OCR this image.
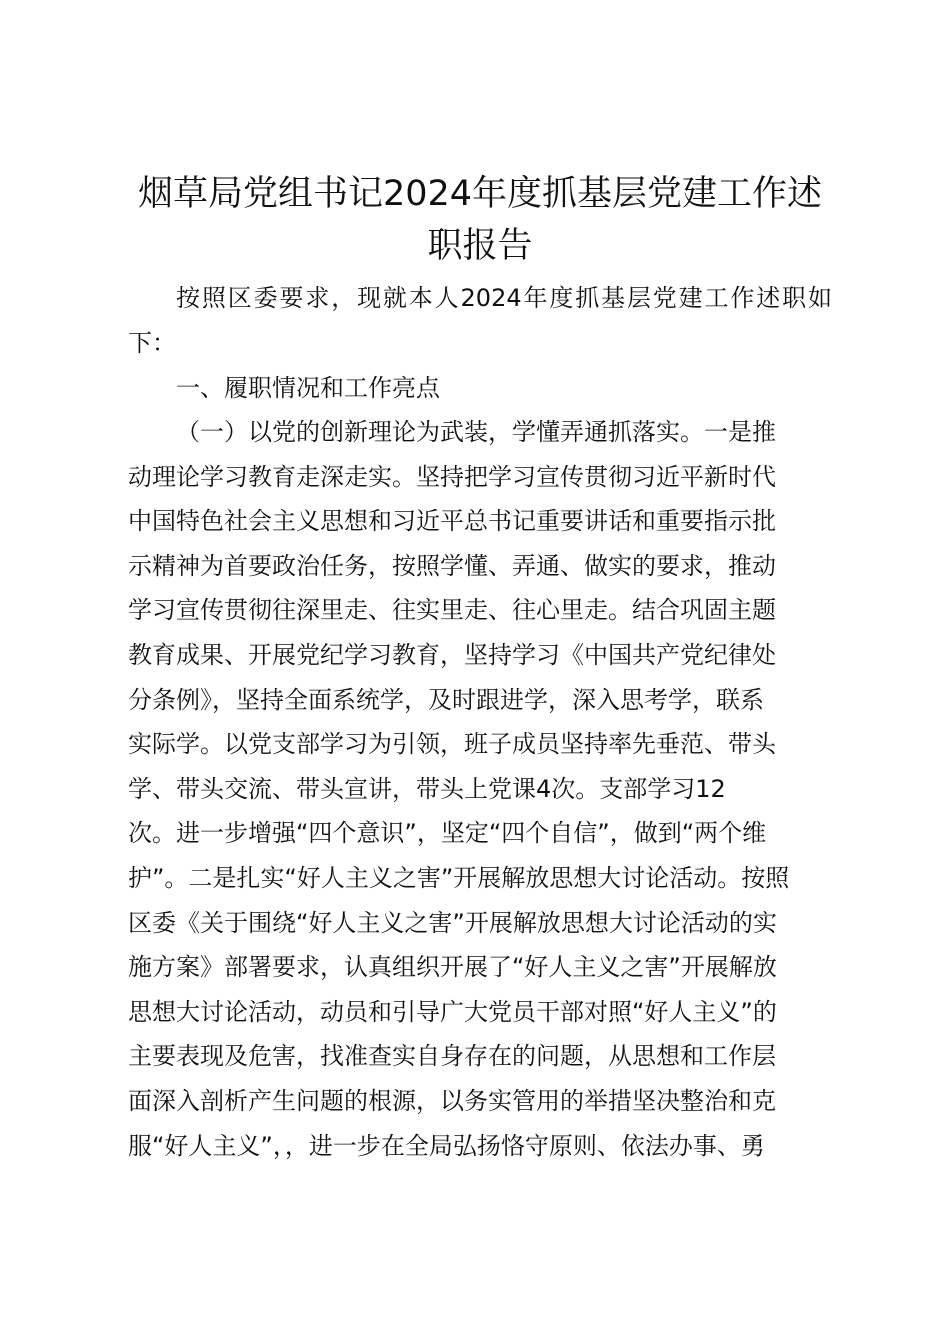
烟草局党组书记2024年度抓基层党建工作述
职报告

按照区委要求，现就本人2024年度抓基层党建工作述职如下：

一、履职情况和工作亮点

（一）以党的创新理论为武装，学懂弄通抓落实。一是推
动理论学习教育走深走实。坚持把学习宣传贯彻习近平新时代
中国特色社会主义思想和习近平总书记重要讲话和重要指示批
示精神为首要政治任务，按照学懂、弄通、做实的要求，推动
学习宣传贯彻往深里走、往实里走、往心里走。结合巩固主题
教育成果、开展党纪学习教育，坚持学习《中国共产党纪律处
分条例》，坚持全面系统学，及时跟进学，深入思考学，联系
实际学。以党支部学习为引领，班子成员坚持率先垂范、带头
学、带头交流、带头宣讲，带头上党课4次。支部学习12
次。进一步增强“四个意识”，坚定“四个自信”，做到“两个维
护”。二是扎实“好人主义之害”开展解放思想大讨论活动。按照
区委《关于围绕“好人主义之害”开展解放思想大讨论活动的实
施方案》部署要求，认真组织开展了“好人主义之害”开展解放
思想大讨论活动，动员和引导广大党员干部对照“好人主义”的
主要表现及危害，找准查实自身存在的问题，从思想和工作层
面深入剖析产生问题的根源，以务实管用的举措坚决整治和克
服“好人主义”，，进一步在全局弘扬恪守原则、依法办事、勇
